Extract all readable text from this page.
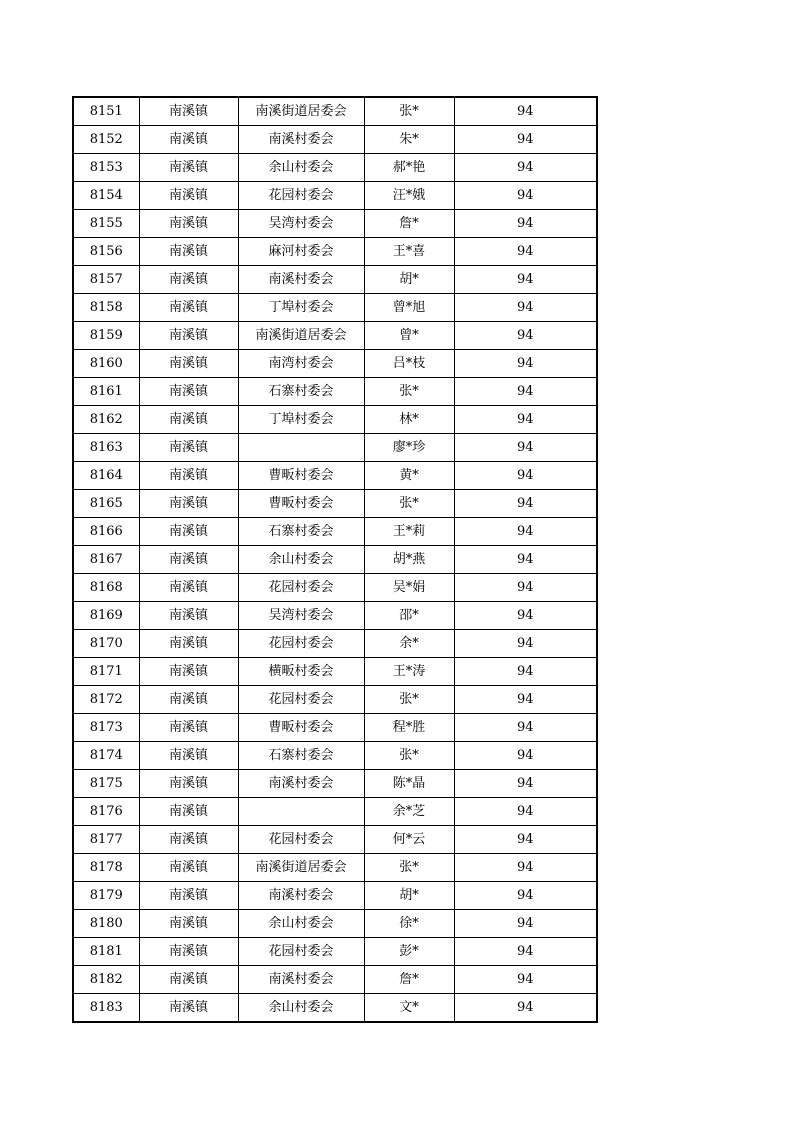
8151	南溪镇	南溪街道居委会	张*	94
8152	南溪镇	南溪村委会	朱*	94
8153	南溪镇	余山村委会	郝*艳	94
8154	南溪镇	花园村委会	汪*娥	94
8155	南溪镇	吴湾村委会	詹*	94
8156	南溪镇	麻河村委会	王*喜	94
8157	南溪镇	南溪村委会	胡*	94
8158	南溪镇	丁埠村委会	曾*旭	94
8159	南溪镇	南溪街道居委会	曾*	94
8160	南溪镇	南湾村委会	吕*枝	94
8161	南溪镇	石寨村委会	张*	94
8162	南溪镇	丁埠村委会	林*	94
8163	南溪镇		廖*珍	94
8164	南溪镇	曹畈村委会	黄*	94
8165	南溪镇	曹畈村委会	张*	94
8166	南溪镇	石寨村委会	王*莉	94
8167	南溪镇	余山村委会	胡*燕	94
8168	南溪镇	花园村委会	吴*娟	94
8169	南溪镇	吴湾村委会	邵*	94
8170	南溪镇	花园村委会	余*	94
8171	南溪镇	横畈村委会	王*涛	94
8172	南溪镇	花园村委会	张*	94
8173	南溪镇	曹畈村委会	程*胜	94
8174	南溪镇	石寨村委会	张*	94
8175	南溪镇	南溪村委会	陈*晶	94
8176	南溪镇		余*芝	94
8177	南溪镇	花园村委会	何*云	94
8178	南溪镇	南溪街道居委会	张*	94
8179	南溪镇	南溪村委会	胡*	94
8180	南溪镇	余山村委会	徐*	94
8181	南溪镇	花园村委会	彭*	94
8182	南溪镇	南溪村委会	詹*	94
8183	南溪镇	余山村委会	文*	94
